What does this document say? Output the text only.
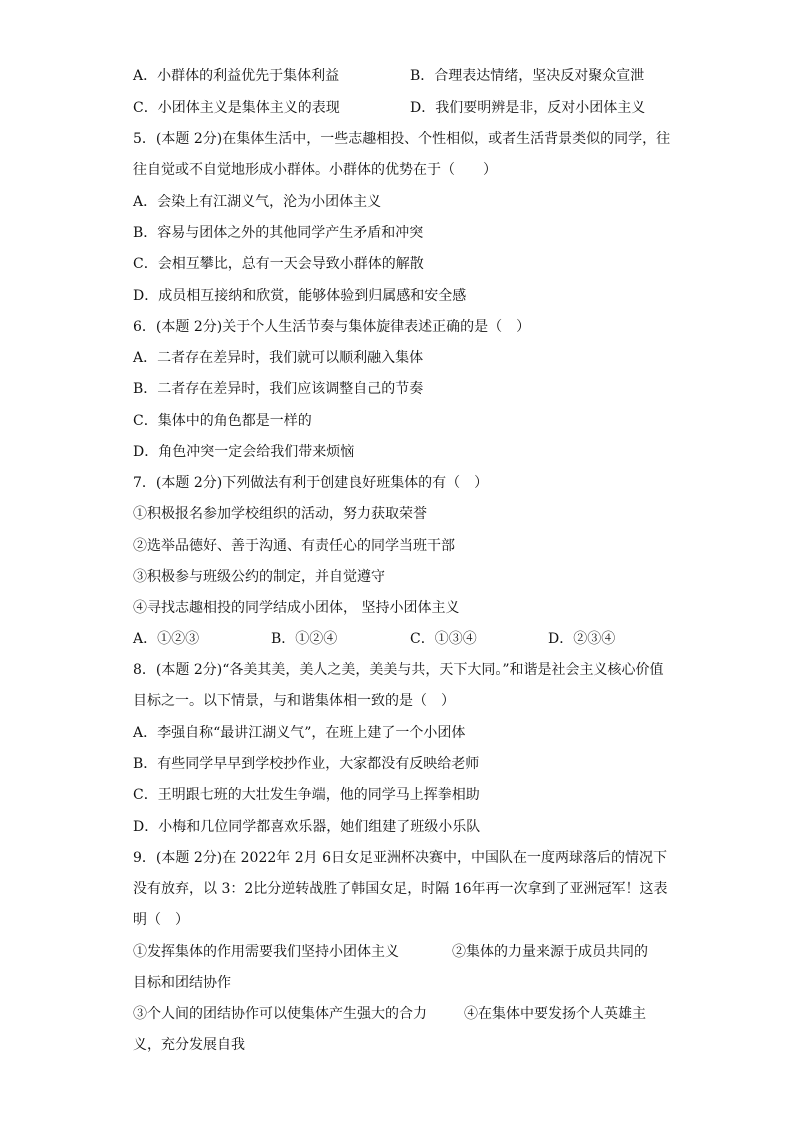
A．小群体的利益优先于集体利益	B．合理表达情绪，坚决反对聚众宣泄
C．小团体主义是集体主义的表现	D．我们要明辨是非，反对小团体主义
5．(本题 2分)在集体生活中，一些志趣相投、个性相似，或者生活背景类似的同学，往
往自觉或不自觉地形成小群体。小群体的优势在于（　　）
A．会染上有江湖义气，沦为小团体主义
B．容易与团体之外的其他同学产生矛盾和冲突
C．会相互攀比，总有一天会导致小群体的解散
D．成员相互接纳和欣赏，能够体验到归属感和安全感
6．(本题 2分)关于个人生活节奏与集体旋律表述正确的是（　）
A．二者存在差异时，我们就可以顺利融入集体
B．二者存在差异时，我们应该调整自己的节奏
C．集体中的角色都是一样的
D．角色冲突一定会给我们带来烦恼
7．(本题 2分)下列做法有利于创建良好班集体的有（　）
①积极报名参加学校组织的活动，努力获取荣誉
②选举品德好、善于沟通、有责任心的同学当班干部
③积极参与班级公约的制定，并自觉遵守
④寻找志趣相投的同学结成小团体， 坚持小团体主义
A．①②③	B．①②④	C．①③④	D．②③④
8．(本题 2分)“各美其美，美人之美，美美与共，天下大同。”和谐是社会主义核心价值
目标之一。以下情景，与和谐集体相一致的是（　）
A．李强自称“最讲江湖义气”，在班上建了一个小团体
B．有些同学早早到学校抄作业，大家都没有反映给老师
C．王明跟七班的大壮发生争端，他的同学马上挥拳相助
D．小梅和几位同学都喜欢乐器，她们组建了班级小乐队
9．(本题 2分)在 2022年 2月 6日女足亚洲杯决赛中，中国队在一度两球落后的情况下
没有放弃，以 3：2比分逆转战胜了韩国女足，时隔 16年再一次拿到了亚洲冠军！这表
明（　）
①发挥集体的作用需要我们坚持小团体主义	②集体的力量来源于成员共同的
目标和团结协作
③个人间的团结协作可以使集体产生强大的合力	④在集体中要发扬个人英雄主
义，充分发展自我
